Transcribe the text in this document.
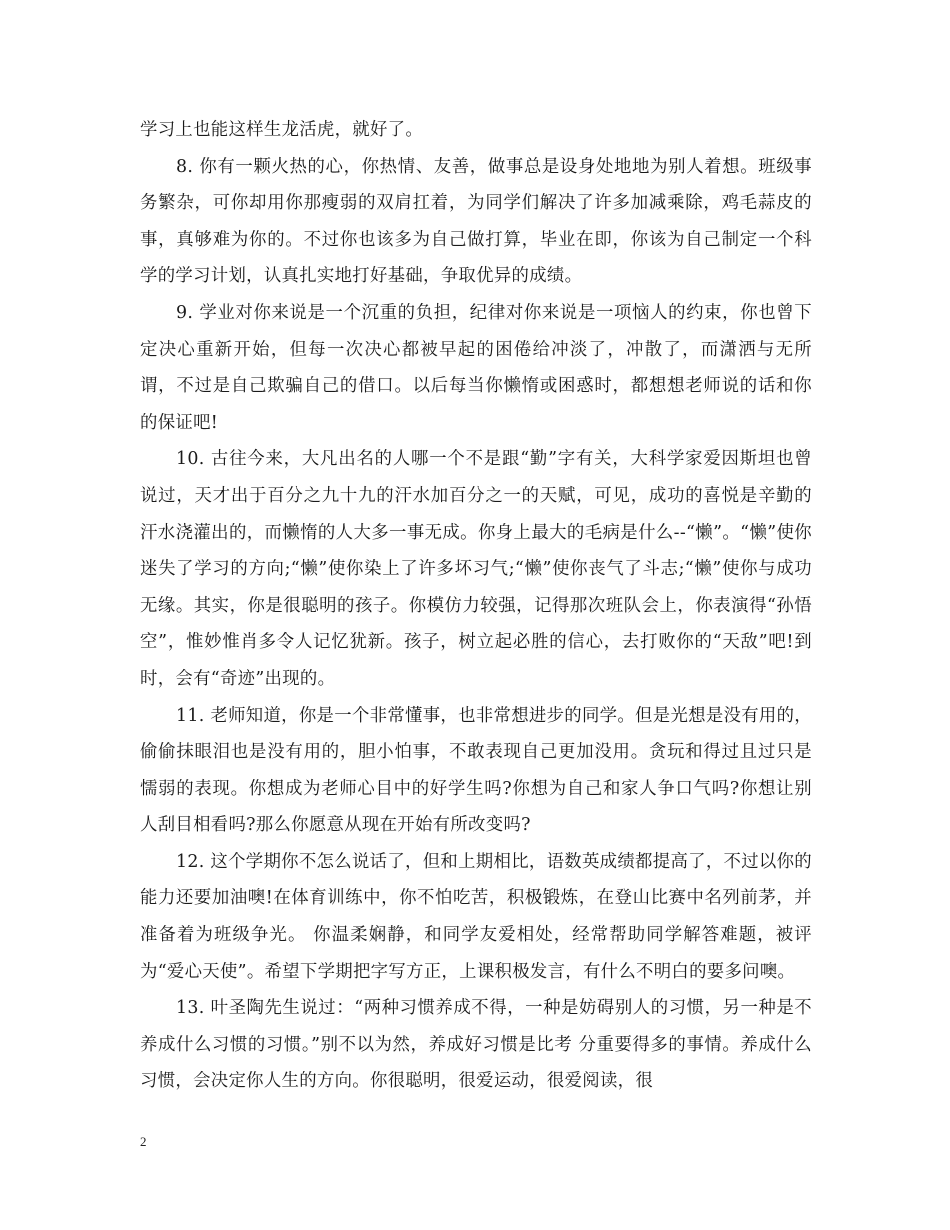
学习上也能这样生龙活虎，就好了。

8. 你有一颗火热的心，你热情、友善，做事总是设身处地地为别人着想。班级事务繁杂，可你却用你那瘦弱的双肩扛着，为同学们解决了许多加减乘除，鸡毛蒜皮的事，真够难为你的。不过你也该多为自己做打算，毕业在即，你该为自己制定一个科学的学习计划，认真扎实地打好基础，争取优异的成绩。

9. 学业对你来说是一个沉重的负担，纪律对你来说是一项恼人的约束，你也曾下定决心重新开始，但每一次决心都被早起的困倦给冲淡了，冲散了，而潇洒与无所谓，不过是自己欺骗自己的借口。以后每当你懒惰或困惑时，都想想老师说的话和你的保证吧!

10. 古往今来，大凡出名的人哪一个不是跟“勤”字有关，大科学家爱因斯坦也曾说过，天才出于百分之九十九的汗水加百分之一的天赋，可见，成功的喜悦是辛勤的汗水浇灌出的，而懒惰的人大多一事无成。你身上最大的毛病是什么--“懒”。“懒”使你迷失了学习的方向;“懒”使你染上了许多坏习气;“懒”使你丧气了斗志;“懒”使你与成功无缘。其实，你是很聪明的孩子。你模仿力较强，记得那次班队会上，你表演得“孙悟空”，惟妙惟肖多令人记忆犹新。孩子，树立起必胜的信心，去打败你的“天敌”吧!到时，会有“奇迹”出现的。

11. 老师知道，你是一个非常懂事，也非常想进步的同学。但是光想是没有用的，偷偷抹眼泪也是没有用的，胆小怕事，不敢表现自己更加没用。贪玩和得过且过只是懦弱的表现。你想成为老师心目中的好学生吗?你想为自己和家人争口气吗?你想让别人刮目相看吗?那么你愿意从现在开始有所改变吗?

12. 这个学期你不怎么说话了，但和上期相比，语数英成绩都提高了，不过以你的能力还要加油噢!在体育训练中，你不怕吃苦，积极锻炼，在登山比赛中名列前茅，并准备着为班级争光。 你温柔娴静，和同学友爱相处，经常帮助同学解答难题，被评为“爱心天使”。希望下学期把字写方正，上课积极发言，有什么不明白的要多问噢。

13. 叶圣陶先生说过：“两种习惯养成不得，一种是妨碍别人的习惯，另一种是不养成什么习惯的习惯。”别不以为然，养成好习惯是比考 分重要得多的事情。养成什么习惯，会决定你人生的方向。你很聪明，很爱运动，很爱阅读，很

2
